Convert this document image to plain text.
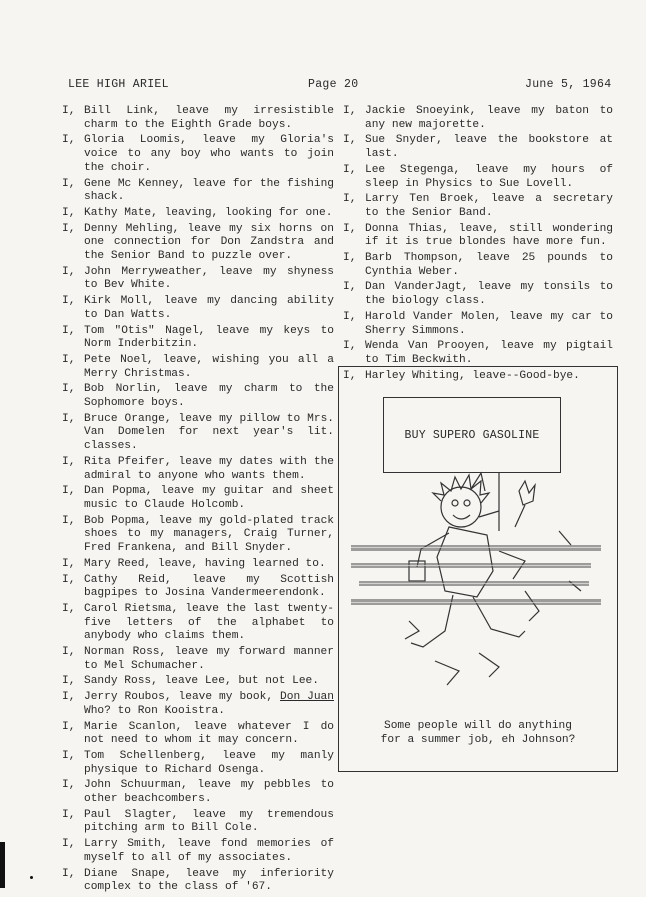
LEE HIGH ARIEL	Page 20	June 5, 1964
I, Bill Link, leave my irresistible charm to the Eighth Grade boys.
I, Gloria Loomis, leave my Gloria's voice to any boy who wants to join the choir.
I, Gene Mc Kenney, leave for the fishing shack.
I, Kathy Mate, leaving, looking for one.
I, Denny Mehling, leave my six horns on one connection for Don Zandstra and the Senior Band to puzzle over.
I, John Merryweather, leave my shyness to Bev White.
I, Kirk Moll, leave my dancing ability to Dan Watts.
I, Tom "Otis" Nagel, leave my keys to Norm Inderbitzin.
I, Pete Noel, leave, wishing you all a Merry Christmas.
I, Bob Norlin, leave my charm to the Sophomore boys.
I, Bruce Orange, leave my pillow to Mrs. Van Domelen for next year's lit. classes.
I, Rita Pfeifer, leave my dates with the admiral to anyone who wants them.
I, Dan Popma, leave my guitar and sheet music to Claude Holcomb.
I, Bob Popma, leave my gold-plated track shoes to my managers, Craig Turner, Fred Frankena, and Bill Snyder.
I, Mary Reed, leave, having learned to.
I, Cathy Reid, leave my Scottish bagpipes to Josina Vandermeerendonk.
I, Carol Rietsma, leave the last twenty-five letters of the alphabet to anybody who claims them.
I, Norman Ross, leave my forward manner to Mel Schumacher.
I, Sandy Ross, leave Lee, but not Lee.
I, Jerry Roubos, leave my book, Don Juan Who? to Ron Kooistra.
I, Marie Scanlon, leave whatever I do not need to whom it may concern.
I, Tom Schellenberg, leave my manly physique to Richard Osenga.
I, John Schuurman, leave my pebbles to other beachcombers.
I, Paul Slagter, leave my tremendous pitching arm to Bill Cole.
I, Larry Smith, leave fond memories of myself to all of my associates.
I, Diane Snape, leave my inferiority complex to the class of '67.
I, Jackie Snoeyink, leave my baton to any new majorette.
I, Sue Snyder, leave the bookstore at last.
I, Lee Stegenga, leave my hours of sleep in Physics to Sue Lovell.
I, Larry Ten Broek, leave a secretary to the Senior Band.
I, Donna Thias, leave, still wondering if it is true blondes have more fun.
I, Barb Thompson, leave 25 pounds to Cynthia Weber.
I, Dan VanderJagt, leave my tonsils to the biology class.
I, Harold Vander Molen, leave my car to Sherry Simmons.
I, Wenda Van Prooyen, leave my pigtail to Tim Beckwith.
I, Harley Whiting, leave--Good-bye.
BUY SUPERO GASOLINE
Some people will do anything
for a summer job, eh Johnson?
